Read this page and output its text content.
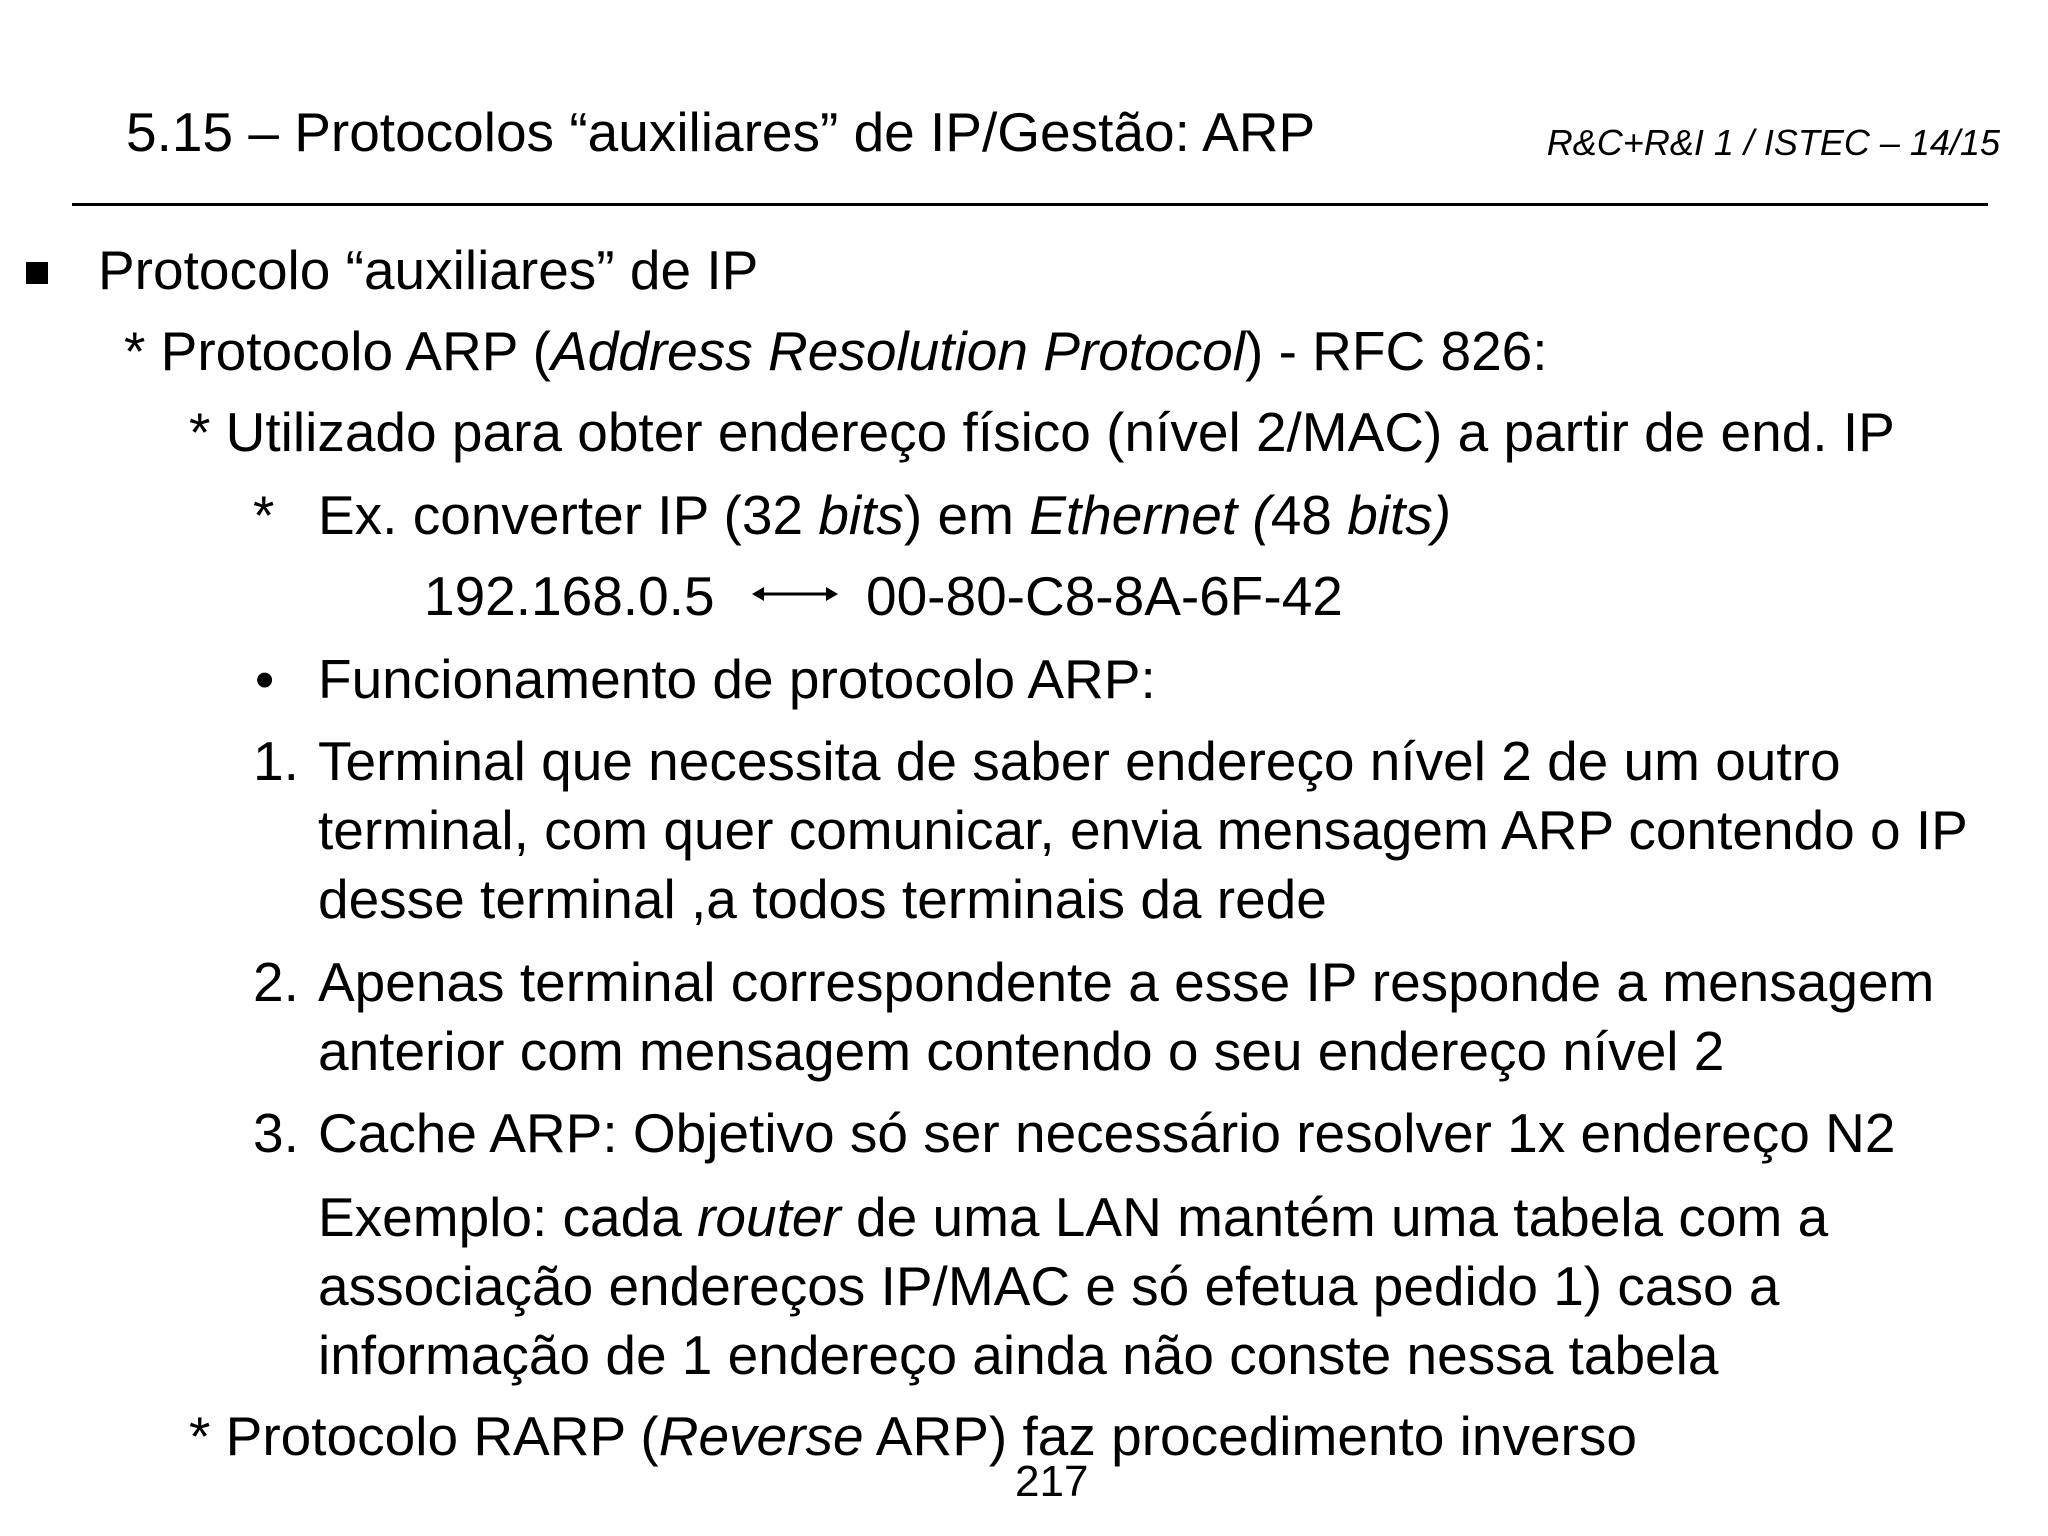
5.15 – Protocolos “auxiliares” de IP/Gestão: ARP	R&C+R&I 1 / ISTEC – 14/15
Protocolo “auxiliares” de IP
* Protocolo ARP (Address Resolution Protocol) - RFC 826:
* Utilizado para obter endereço físico (nível 2/MAC) a partir de end. IP
* Ex. converter IP (32 bits) em Ethernet (48 bits)
192.168.0.5	00-80-C8-8A-6F-42
• Funcionamento de protocolo ARP:
1. Terminal que necessita de saber endereço nível 2 de um outro
terminal, com quer comunicar, envia mensagem ARP contendo o IP
desse terminal ,a todos terminais da rede
2. Apenas terminal correspondente a esse IP responde a mensagem
anterior com mensagem contendo o seu endereço nível 2
3. Cache ARP: Objetivo só ser necessário resolver 1x endereço N2
Exemplo: cada router de uma LAN mantém uma tabela com a
associação endereços IP/MAC e só efetua pedido 1) caso a
informação de 1 endereço ainda não conste nessa tabela
* Protocolo RARP (Reverse ARP) faz procedimento inverso
217
